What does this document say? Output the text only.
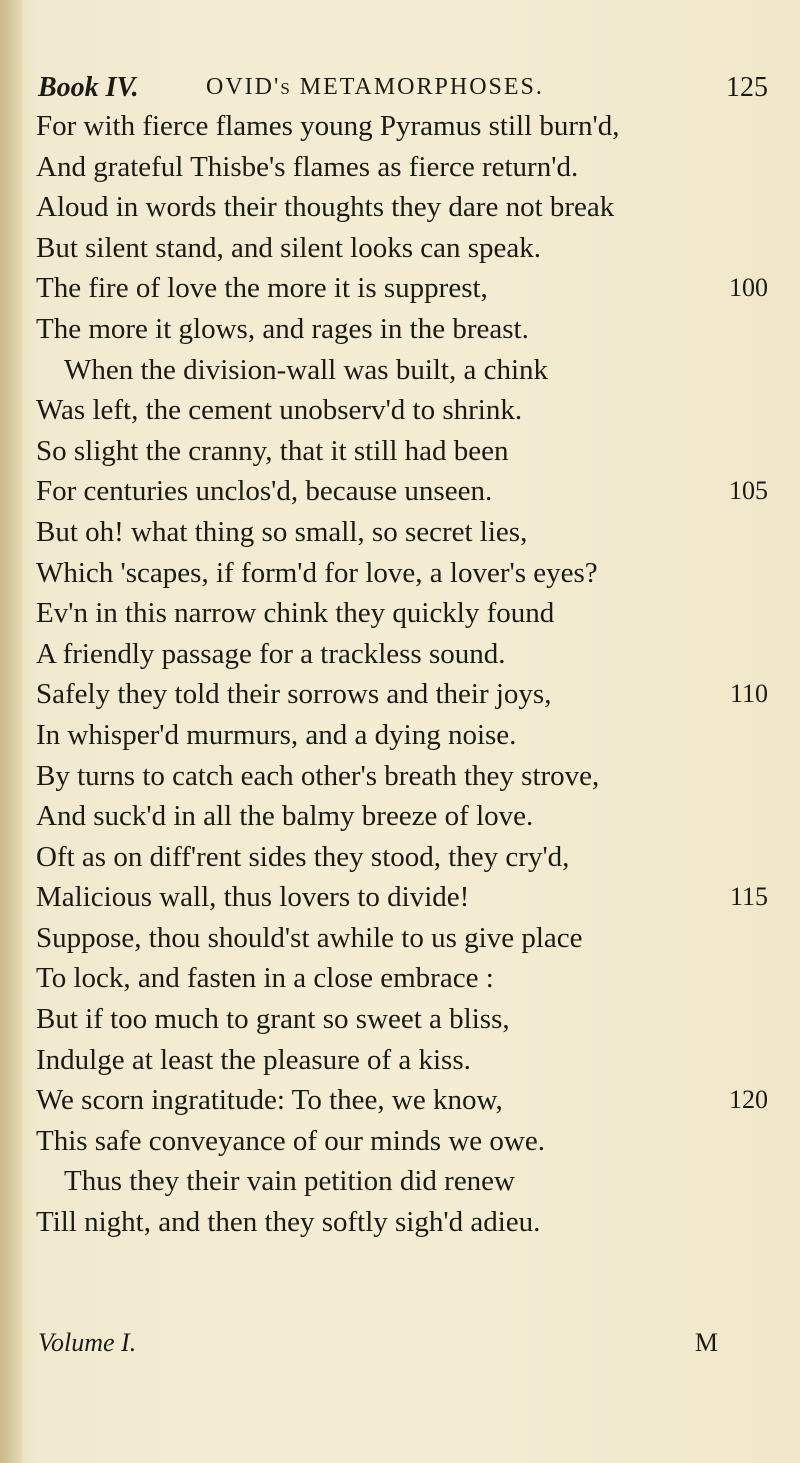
Book IV.	OVID's METAMORPHOSES.	125
For with fierce flames young Pyramus still burn'd,
And grateful Thisbe's flames as fierce return'd.
Aloud in words their thoughts they dare not break
But silent stand, and silent looks can speak.
The fire of love the more it is supprest,	100
The more it glows, and rages in the breast.
When the division-wall was built, a chink
Was left, the cement unobserv'd to shrink.
So slight the cranny, that it still had been
For centuries unclos'd, because unseen.	105
But oh! what thing so small, so secret lies,
Which 'scapes, if form'd for love, a lover's eyes?
Ev'n in this narrow chink they quickly found
A friendly passage for a trackless sound.
Safely they told their sorrows and their joys,	110
In whisper'd murmurs, and a dying noise.
By turns to catch each other's breath they strove,
And suck'd in all the balmy breeze of love.
Oft as on diff'rent sides they stood, they cry'd,
Malicious wall, thus lovers to divide!	115
Suppose, thou should'st awhile to us give place
To lock, and fasten in a close embrace :
But if too much to grant so sweet a bliss,
Indulge at least the pleasure of a kiss.
We scorn ingratitude: To thee, we know,	120
This safe conveyance of our minds we owe.
Thus they their vain petition did renew
Till night, and then they softly sigh'd adieu.
Volume I.	M
